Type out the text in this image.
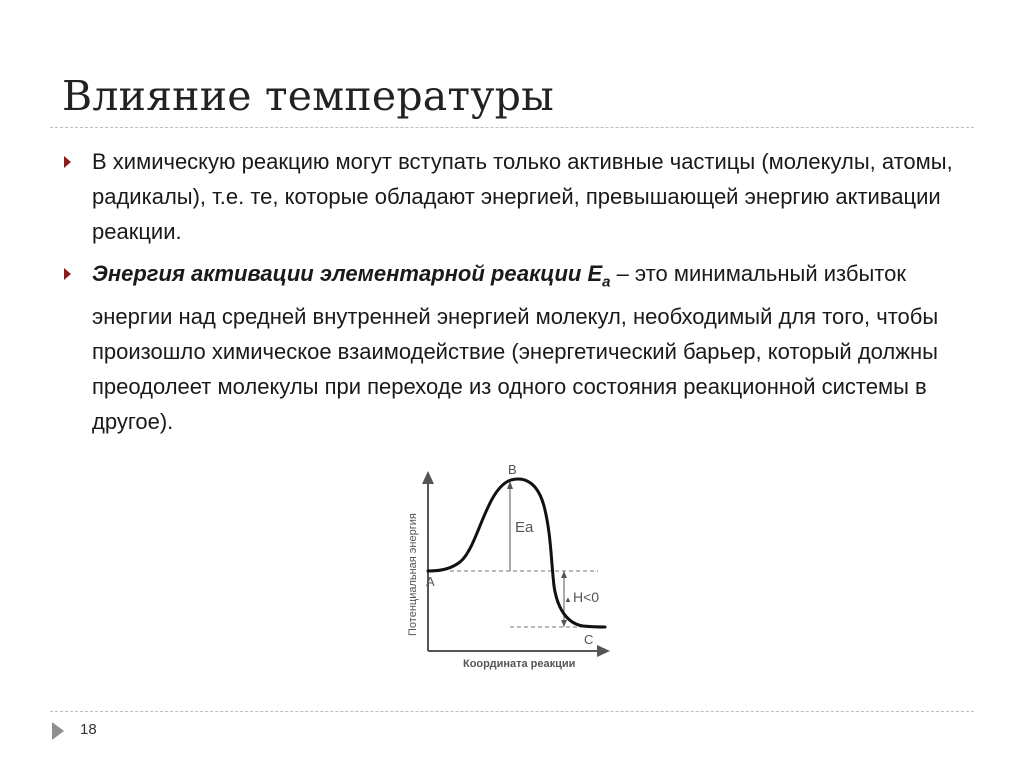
Влияние температуры
В химическую реакцию могут вступать только активные частицы (молекулы, атомы, радикалы), т.е. те, которые обладают энергией, превышающей энергию активации реакции.
Энергия активации элементарной реакции $E_a$ – это минимальный избыток энергии над средней внутренней энергией молекул, необходимый для того, чтобы произошло химическое взаимодействие (энергетический барьер, который должны преодолеет молекулы при переходе из одного состояния реакционной системы в другое).
Потенциальная энергия
Координата реакции
A
B
C
Ea
▲ H<0
18
